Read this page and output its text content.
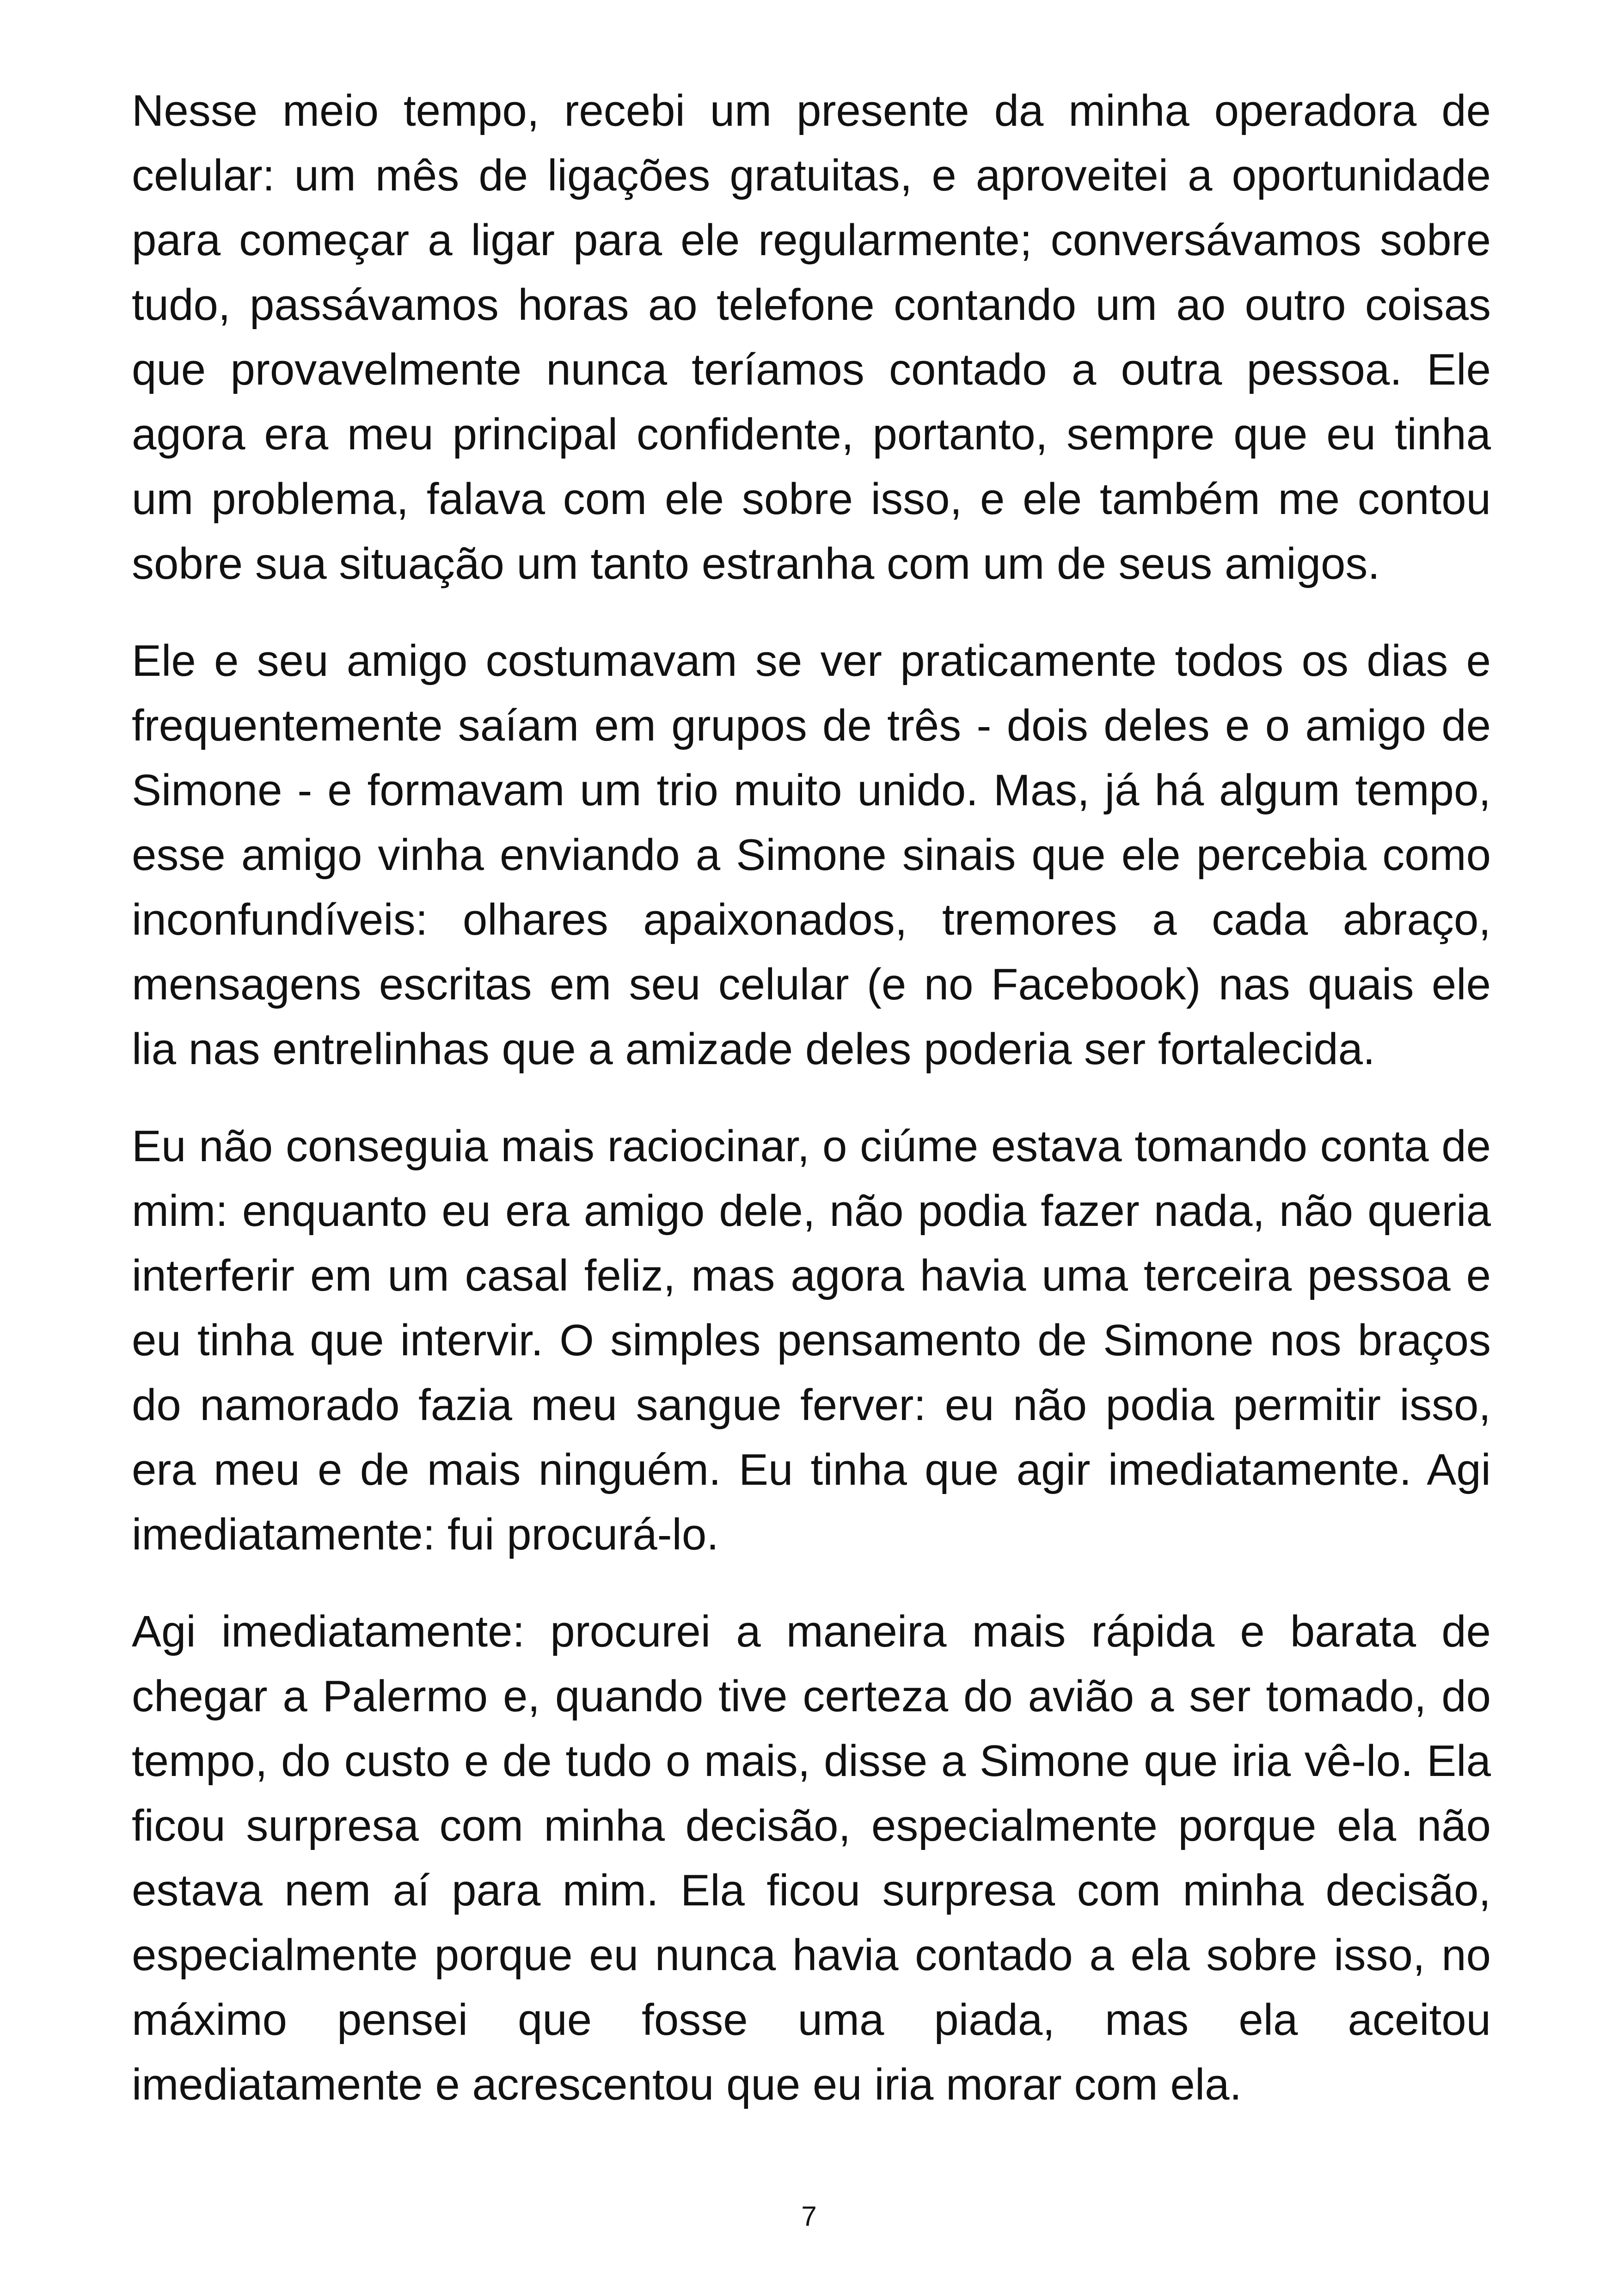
Nesse meio tempo, recebi um presente da minha operadora de celular: um mês de ligações gratuitas, e aproveitei a oportunidade para começar a ligar para ele regularmente; conversávamos sobre tudo, passávamos horas ao telefone contando um ao outro coisas que provavelmente nunca teríamos contado a outra pessoa. Ele agora era meu principal confidente, portanto, sempre que eu tinha um problema, falava com ele sobre isso, e ele também me contou sobre sua situação um tanto estranha com um de seus amigos.

Ele e seu amigo costumavam se ver praticamente todos os dias e frequentemente saíam em grupos de três - dois deles e o amigo de Simone - e formavam um trio muito unido. Mas, já há algum tempo, esse amigo vinha enviando a Simone sinais que ele percebia como inconfundíveis: olhares apaixonados, tremores a cada abraço, mensagens escritas em seu celular (e no Facebook) nas quais ele lia nas entrelinhas que a amizade deles poderia ser fortalecida.

Eu não conseguia mais raciocinar, o ciúme estava tomando conta de mim: enquanto eu era amigo dele, não podia fazer nada, não queria interferir em um casal feliz, mas agora havia uma terceira pessoa e eu tinha que intervir. O simples pensamento de Simone nos braços do namorado fazia meu sangue ferver: eu não podia permitir isso, era meu e de mais ninguém. Eu tinha que agir imediatamente. Agi imediatamente: fui procurá-lo.

Agi imediatamente: procurei a maneira mais rápida e barata de chegar a Palermo e, quando tive certeza do avião a ser tomado, do tempo, do custo e de tudo o mais, disse a Simone que iria vê-lo. Ela ficou surpresa com minha decisão, especialmente porque ela não estava nem aí para mim. Ela ficou surpresa com minha decisão, especialmente porque eu nunca havia contado a ela sobre isso, no máximo pensei que fosse uma piada, mas ela aceitou imediatamente e acrescentou que eu iria morar com ela.

7
